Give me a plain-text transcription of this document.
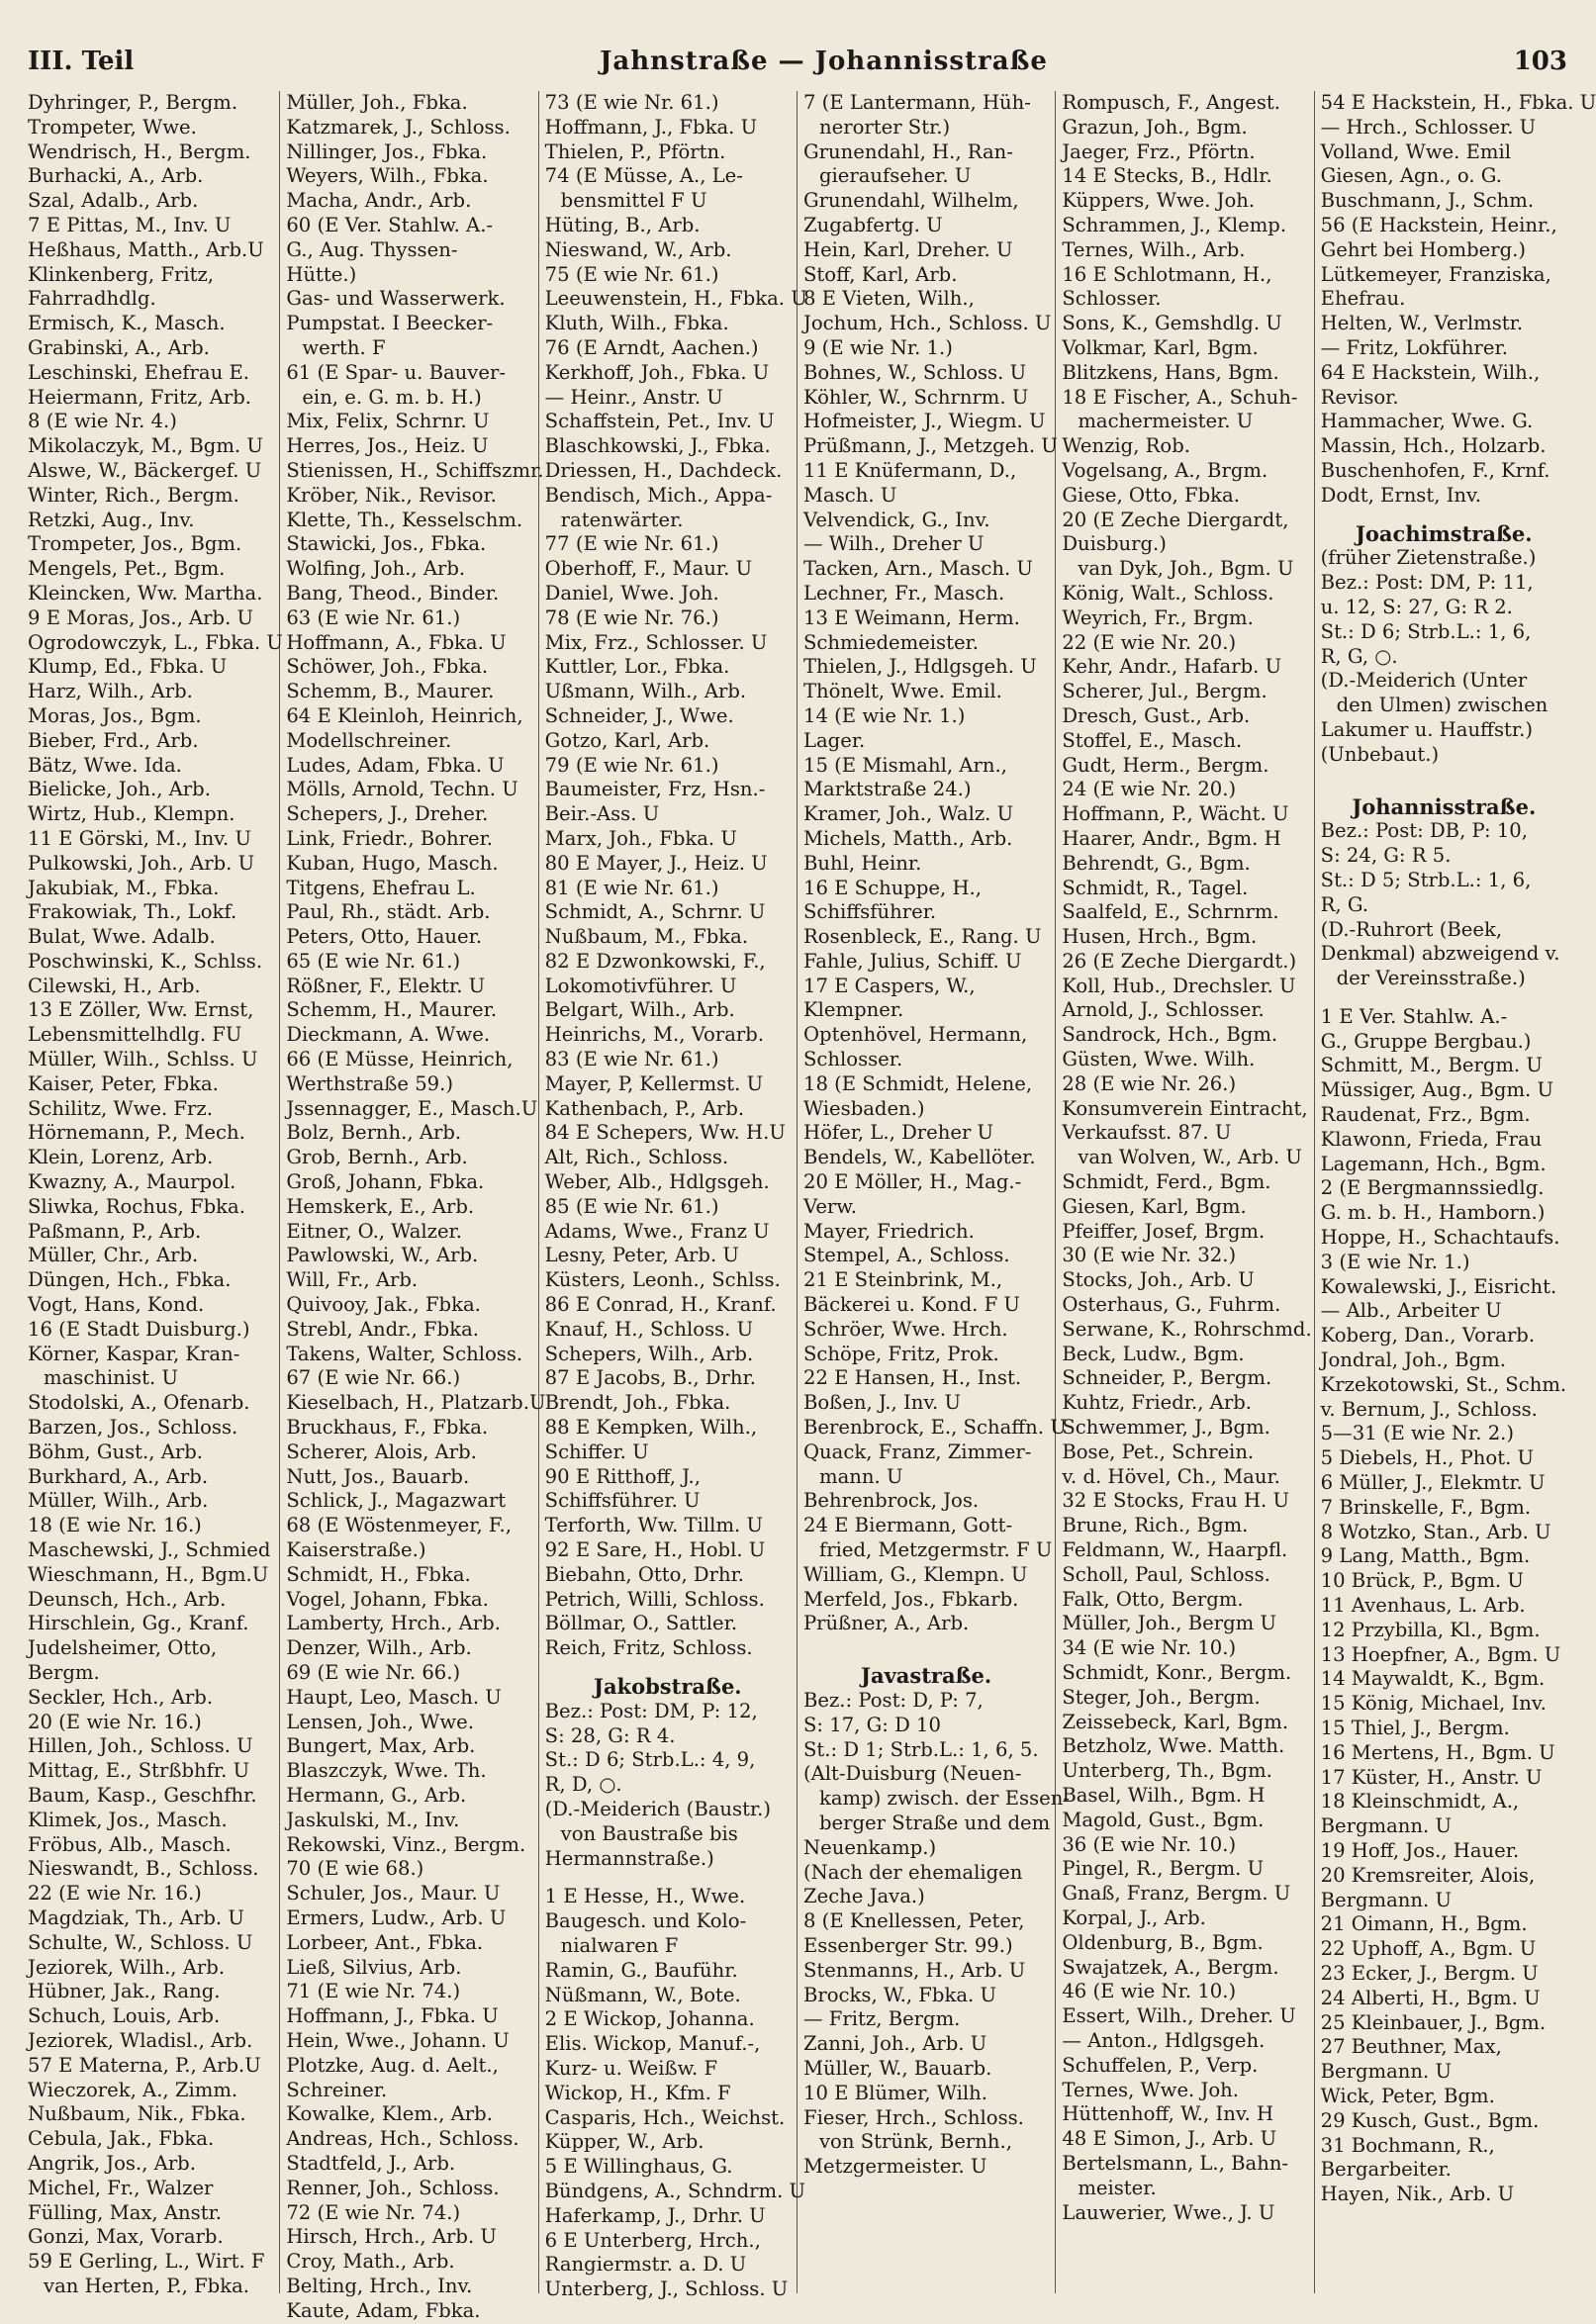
III. Teil	Jahnstraße — Johannisstraße	103
Dyhringer, P., Bergm.
Trompeter, Wwe.
Wendrisch, H., Bergm.
Burhacki, A., Arb.
Szal, Adalb., Arb.
7 E Pittas, M., Inv. U
Heßhaus, Matth., Arb.U
Klinkenberg, Fritz,
Fahrradhdlg.
Ermisch, K., Masch.
Grabinski, A., Arb.
Leschinski, Ehefrau E.
Heiermann, Fritz, Arb.
8 (E wie Nr. 4.)
Mikolaczyk, M., Bgm. U
Alswe, W., Bäckergef. U
Winter, Rich., Bergm.
Retzki, Aug., Inv.
Trompeter, Jos., Bgm.
Mengels, Pet., Bgm.
Kleincken, Ww. Martha.
9 E Moras, Jos., Arb. U
Ogrodowczyk, L., Fbka. U
Klump, Ed., Fbka. U
Harz, Wilh., Arb.
Moras, Jos., Bgm.
Bieber, Frd., Arb.
Bätz, Wwe. Ida.
Bielicke, Joh., Arb.
Wirtz, Hub., Klempn.
11 E Görski, M., Inv. U
Pulkowski, Joh., Arb. U
Jakubiak, M., Fbka.
Frakowiak, Th., Lokf.
Bulat, Wwe. Adalb.
Poschwinski, K., Schlss.
Cilewski, H., Arb.
13 E Zöller, Ww. Ernst,
Lebensmittelhdlg. FU
Müller, Wilh., Schlss. U
Kaiser, Peter, Fbka.
Schilitz, Wwe. Frz.
Hörnemann, P., Mech.
Klein, Lorenz, Arb.
Kwazny, A., Maurpol.
Sliwka, Rochus, Fbka.
Paßmann, P., Arb.
Müller, Chr., Arb.
Düngen, Hch., Fbka.
Vogt, Hans, Kond.
16 (E Stadt Duisburg.)
Körner, Kaspar, Kran-
maschinist. U
Stodolski, A., Ofenarb.
Barzen, Jos., Schloss.
Böhm, Gust., Arb.
Burkhard, A., Arb.
Müller, Wilh., Arb.
18 (E wie Nr. 16.)
Maschewski, J., Schmied
Wieschmann, H., Bgm.U
Deunsch, Hch., Arb.
Hirschlein, Gg., Kranf.
Judelsheimer, Otto,
Bergm.
Seckler, Hch., Arb.
20 (E wie Nr. 16.)
Hillen, Joh., Schloss. U
Mittag, E., Strßbhfr. U
Baum, Kasp., Geschfhr.
Klimek, Jos., Masch.
Fröbus, Alb., Masch.
Nieswandt, B., Schloss.
22 (E wie Nr. 16.)
Magdziak, Th., Arb. U
Schulte, W., Schloss. U
Jeziorek, Wilh., Arb.
Hübner, Jak., Rang.
Schuch, Louis, Arb.
Jeziorek, Wladisl., Arb.
57 E Materna, P., Arb.U
Wieczorek, A., Zimm.
Nußbaum, Nik., Fbka.
Cebula, Jak., Fbka.
Angrik, Jos., Arb.
Michel, Fr., Walzer
Fülling, Max, Anstr.
Gonzi, Max, Vorarb.
59 E Gerling, L., Wirt. F
van Herten, P., Fbka.
Müller, Joh., Fbka.
Katzmarek, J., Schloss.
Nillinger, Jos., Fbka.
Weyers, Wilh., Fbka.
Macha, Andr., Arb.
60 (E Ver. Stahlw. A.-
G., Aug. Thyssen-
Hütte.)
Gas- und Wasserwerk.
Pumpstat. I Beecker-
werth. F
61 (E Spar- u. Bauver-
ein, e. G. m. b. H.)
Mix, Felix, Schrnr. U
Herres, Jos., Heiz. U
Stienissen, H., Schiffszmr.
Kröber, Nik., Revisor.
Klette, Th., Kesselschm.
Stawicki, Jos., Fbka.
Wolfing, Joh., Arb.
Bang, Theod., Binder.
63 (E wie Nr. 61.)
Hoffmann, A., Fbka. U
Schöwer, Joh., Fbka.
Schemm, B., Maurer.
64 E Kleinloh, Heinrich,
Modellschreiner.
Ludes, Adam, Fbka. U
Mölls, Arnold, Techn. U
Schepers, J., Dreher.
Link, Friedr., Bohrer.
Kuban, Hugo, Masch.
Titgens, Ehefrau L.
Paul, Rh., städt. Arb.
Peters, Otto, Hauer.
65 (E wie Nr. 61.)
Rößner, F., Elektr. U
Schemm, H., Maurer.
Dieckmann, A. Wwe.
66 (E Müsse, Heinrich,
Werthstraße 59.)
Jssennagger, E., Masch.U
Bolz, Bernh., Arb.
Grob, Bernh., Arb.
Groß, Johann, Fbka.
Hemskerk, E., Arb.
Eitner, O., Walzer.
Pawlowski, W., Arb.
Will, Fr., Arb.
Quivooy, Jak., Fbka.
Strebl, Andr., Fbka.
Takens, Walter, Schloss.
67 (E wie Nr. 66.)
Kieselbach, H., Platzarb.U
Bruckhaus, F., Fbka.
Scherer, Alois, Arb.
Nutt, Jos., Bauarb.
Schlick, J., Magazwart
68 (E Wöstenmeyer, F.,
Kaiserstraße.)
Schmidt, H., Fbka.
Vogel, Johann, Fbka.
Lamberty, Hrch., Arb.
Denzer, Wilh., Arb.
69 (E wie Nr. 66.)
Haupt, Leo, Masch. U
Lensen, Joh., Wwe.
Bungert, Max, Arb.
Blaszczyk, Wwe. Th.
Hermann, G., Arb.
Jaskulski, M., Inv.
Rekowski, Vinz., Bergm.
70 (E wie 68.)
Schuler, Jos., Maur. U
Ermers, Ludw., Arb. U
Lorbeer, Ant., Fbka.
Ließ, Silvius, Arb.
71 (E wie Nr. 74.)
Hoffmann, J., Fbka. U
Hein, Wwe., Johann. U
Plotzke, Aug. d. Aelt.,
Schreiner.
Kowalke, Klem., Arb.
Andreas, Hch., Schloss.
Stadtfeld, J., Arb.
Renner, Joh., Schloss.
72 (E wie Nr. 74.)
Hirsch, Hrch., Arb. U
Croy, Math., Arb.
Belting, Hrch., Inv.
Kaute, Adam, Fbka.
73 (E wie Nr. 61.)
Hoffmann, J., Fbka. U
Thielen, P., Pförtn.
74 (E Müsse, A., Le-
bensmittel F U
Hüting, B., Arb.
Nieswand, W., Arb.
75 (E wie Nr. 61.)
Leeuwenstein, H., Fbka. U
Kluth, Wilh., Fbka.
76 (E Arndt, Aachen.)
Kerkhoff, Joh., Fbka. U
— Heinr., Anstr. U
Schaffstein, Pet., Inv. U
Blaschkowski, J., Fbka.
Driessen, H., Dachdeck.
Bendisch, Mich., Appa-
ratenwärter.
77 (E wie Nr. 61.)
Oberhoff, F., Maur. U
Daniel, Wwe. Joh.
78 (E wie Nr. 76.)
Mix, Frz., Schlosser. U
Kuttler, Lor., Fbka.
Ußmann, Wilh., Arb.
Schneider, J., Wwe.
Gotzo, Karl, Arb.
79 (E wie Nr. 61.)
Baumeister, Frz, Hsn.-
Beir.-Ass. U
Marx, Joh., Fbka. U
80 E Mayer, J., Heiz. U
81 (E wie Nr. 61.)
Schmidt, A., Schrnr. U
Nußbaum, M., Fbka.
82 E Dzwonkowski, F.,
Lokomotivführer. U
Belgart, Wilh., Arb.
Heinrichs, M., Vorarb.
83 (E wie Nr. 61.)
Mayer, P, Kellermst. U
Kathenbach, P., Arb.
84 E Schepers, Ww. H.U
Alt, Rich., Schloss.
Weber, Alb., Hdlgsgeh.
85 (E wie Nr. 61.)
Adams, Wwe., Franz U
Lesny, Peter, Arb. U
Küsters, Leonh., Schlss.
86 E Conrad, H., Kranf.
Knauf, H., Schloss. U
Schepers, Wilh., Arb.
87 E Jacobs, B., Drhr.
Brendt, Joh., Fbka.
88 E Kempken, Wilh.,
Schiffer. U
90 E Ritthoff, J.,
Schiffsführer. U
Terforth, Ww. Tillm. U
92 E Sare, H., Hobl. U
Biebahn, Otto, Drhr.
Petrich, Willi, Schloss.
Böllmar, O., Sattler.
Reich, Fritz, Schloss.
Jakobstraße.
Bez.: Post: DM, P: 12,
S: 28, G: R 4.
St.: D 6; Strb.L.: 4, 9,
R, D, ○.
(D.-Meiderich (Baustr.)
von Baustraße bis
Hermannstraße.)
1 E Hesse, H., Wwe.
Baugesch. und Kolo-
nialwaren F
Ramin, G., Bauführ.
Nüßmann, W., Bote.
2 E Wickop, Johanna.
Elis. Wickop, Manuf.-,
Kurz- u. Weißw. F
Wickop, H., Kfm. F
Casparis, Hch., Weichst.
Küpper, W., Arb.
5 E Willinghaus, G.
Bündgens, A., Schndrm. U
Haferkamp, J., Drhr. U
6 E Unterberg, Hrch.,
Rangiermstr. a. D. U
Unterberg, J., Schloss. U
7 (E Lantermann, Hüh-
nerorter Str.)
Grunendahl, H., Ran-
gieraufseher. U
Grunendahl, Wilhelm,
Zugabfertg. U
Hein, Karl, Dreher. U
Stoff, Karl, Arb.
8 E Vieten, Wilh.,
Jochum, Hch., Schloss. U
9 (E wie Nr. 1.)
Bohnes, W., Schloss. U
Köhler, W., Schrnrm. U
Hofmeister, J., Wiegm. U
Prüßmann, J., Metzgeh. U
11 E Knüfermann, D.,
Masch. U
Velvendick, G., Inv.
— Wilh., Dreher U
Tacken, Arn., Masch. U
Lechner, Fr., Masch.
13 E Weimann, Herm.
Schmiedemeister.
Thielen, J., Hdlgsgeh. U
Thönelt, Wwe. Emil.
14 (E wie Nr. 1.)
Lager.
15 (E Mismahl, Arn.,
Marktstraße 24.)
Kramer, Joh., Walz. U
Michels, Matth., Arb.
Buhl, Heinr.
16 E Schuppe, H.,
Schiffsführer.
Rosenbleck, E., Rang. U
Fahle, Julius, Schiff. U
17 E Caspers, W.,
Klempner.
Optenhövel, Hermann,
Schlosser.
18 (E Schmidt, Helene,
Wiesbaden.)
Höfer, L., Dreher U
Bendels, W., Kabellöter.
20 E Möller, H., Mag.-
Verw.
Mayer, Friedrich.
Stempel, A., Schloss.
21 E Steinbrink, M.,
Bäckerei u. Kond. F U
Schröer, Wwe. Hrch.
Schöpe, Fritz, Prok.
22 E Hansen, H., Inst.
Boßen, J., Inv. U
Berenbrock, E., Schaffn. U
Quack, Franz, Zimmer-
mann. U
Behrenbrock, Jos.
24 E Biermann, Gott-
fried, Metzgermstr. F U
William, G., Klempn. U
Merfeld, Jos., Fbkarb.
Prüßner, A., Arb.
Javastraße.
Bez.: Post: D, P: 7,
S: 17, G: D 10
St.: D 1; Strb.L.: 1, 6, 5.
(Alt-Duisburg (Neuen-
kamp) zwisch. der Essen-
berger Straße und dem
Neuenkamp.)
(Nach der ehemaligen
Zeche Java.)
8 (E Knellessen, Peter,
Essenberger Str. 99.)
Stenmanns, H., Arb. U
Brocks, W., Fbka. U
— Fritz, Bergm.
Zanni, Joh., Arb. U
Müller, W., Bauarb.
10 E Blümer, Wilh.
Fieser, Hrch., Schloss.
von Strünk, Bernh.,
Metzgermeister. U
Rompusch, F., Angest.
Grazun, Joh., Bgm.
Jaeger, Frz., Pförtn.
14 E Stecks, B., Hdlr.
Küppers, Wwe. Joh.
Schrammen, J., Klemp.
Ternes, Wilh., Arb.
16 E Schlotmann, H.,
Schlosser.
Sons, K., Gemshdlg. U
Volkmar, Karl, Bgm.
Blitzkens, Hans, Bgm.
18 E Fischer, A., Schuh-
machermeister. U
Wenzig, Rob.
Vogelsang, A., Brgm.
Giese, Otto, Fbka.
20 (E Zeche Diergardt,
Duisburg.)
van Dyk, Joh., Bgm. U
König, Walt., Schloss.
Weyrich, Fr., Brgm.
22 (E wie Nr. 20.)
Kehr, Andr., Hafarb. U
Scherer, Jul., Bergm.
Dresch, Gust., Arb.
Stoffel, E., Masch.
Gudt, Herm., Bergm.
24 (E wie Nr. 20.)
Hoffmann, P., Wächt. U
Haarer, Andr., Bgm. H
Behrendt, G., Bgm.
Schmidt, R., Tagel.
Saalfeld, E., Schrnrm.
Husen, Hrch., Bgm.
26 (E Zeche Diergardt.)
Koll, Hub., Drechsler. U
Arnold, J., Schlosser.
Sandrock, Hch., Bgm.
Güsten, Wwe. Wilh.
28 (E wie Nr. 26.)
Konsumverein Eintracht,
Verkaufsst. 87. U
van Wolven, W., Arb. U
Schmidt, Ferd., Bgm.
Giesen, Karl, Bgm.
Pfeiffer, Josef, Brgm.
30 (E wie Nr. 32.)
Stocks, Joh., Arb. U
Osterhaus, G., Fuhrm.
Serwane, K., Rohrschmd.
Beck, Ludw., Bgm.
Schneider, P., Bergm.
Kuhtz, Friedr., Arb.
Schwemmer, J., Bgm.
Bose, Pet., Schrein.
v. d. Hövel, Ch., Maur.
32 E Stocks, Frau H. U
Brune, Rich., Bgm.
Feldmann, W., Haarpfl.
Scholl, Paul, Schloss.
Falk, Otto, Bergm.
Müller, Joh., Bergm U
34 (E wie Nr. 10.)
Schmidt, Konr., Bergm.
Steger, Joh., Bergm.
Zeissebeck, Karl, Bgm.
Betzholz, Wwe. Matth.
Unterberg, Th., Bgm.
Basel, Wilh., Bgm. H
Magold, Gust., Bgm.
36 (E wie Nr. 10.)
Pingel, R., Bergm. U
Gnaß, Franz, Bergm. U
Korpal, J., Arb.
Oldenburg, B., Bgm.
Swajatzek, A., Bergm.
46 (E wie Nr. 10.)
Essert, Wilh., Dreher. U
— Anton., Hdlgsgeh.
Schuffelen, P., Verp.
Ternes, Wwe. Joh.
Hüttenhoff, W., Inv. H
48 E Simon, J., Arb. U
Bertelsmann, L., Bahn-
meister.
Lauwerier, Wwe., J. U
54 E Hackstein, H., Fbka. U
— Hrch., Schlosser. U
Volland, Wwe. Emil
Giesen, Agn., o. G.
Buschmann, J., Schm.
56 (E Hackstein, Heinr.,
Gehrt bei Homberg.)
Lütkemeyer, Franziska,
Ehefrau.
Helten, W., Verlmstr.
— Fritz, Lokführer.
64 E Hackstein, Wilh.,
Revisor.
Hammacher, Wwe. G.
Massin, Hch., Holzarb.
Buschenhofen, F., Krnf.
Dodt, Ernst, Inv.
Joachimstraße.
(früher Zietenstraße.)
Bez.: Post: DM, P: 11,
u. 12, S: 27, G: R 2.
St.: D 6; Strb.L.: 1, 6,
R, G, ○.
(D.-Meiderich (Unter
den Ulmen) zwischen
Lakumer u. Hauffstr.)
(Unbebaut.)
Johannisstraße.
Bez.: Post: DB, P: 10,
S: 24, G: R 5.
St.: D 5; Strb.L.: 1, 6,
R, G.
(D.-Ruhrort (Beek,
Denkmal) abzweigend v.
der Vereinsstraße.)
1 E Ver. Stahlw. A.-
G., Gruppe Bergbau.)
Schmitt, M., Bergm. U
Müssiger, Aug., Bgm. U
Raudenat, Frz., Bgm.
Klawonn, Frieda, Frau
Lagemann, Hch., Bgm.
2 (E Bergmannssiedlg.
G. m. b. H., Hamborn.)
Hoppe, H., Schachtaufs.
3 (E wie Nr. 1.)
Kowalewski, J., Eisricht.
— Alb., Arbeiter U
Koberg, Dan., Vorarb.
Jondral, Joh., Bgm.
Krzekotowski, St., Schm.
v. Bernum, J., Schloss.
5—31 (E wie Nr. 2.)
5 Diebels, H., Phot. U
6 Müller, J., Elekmtr. U
7 Brinskelle, F., Bgm.
8 Wotzko, Stan., Arb. U
9 Lang, Matth., Bgm.
10 Brück, P., Bgm. U
11 Avenhaus, L. Arb.
12 Przybilla, Kl., Bgm.
13 Hoepfner, A., Bgm. U
14 Maywaldt, K., Bgm.
15 König, Michael, Inv.
15 Thiel, J., Bergm.
16 Mertens, H., Bgm. U
17 Küster, H., Anstr. U
18 Kleinschmidt, A.,
Bergmann. U
19 Hoff, Jos., Hauer.
20 Kremsreiter, Alois,
Bergmann. U
21 Oimann, H., Bgm.
22 Uphoff, A., Bgm. U
23 Ecker, J., Bergm. U
24 Alberti, H., Bgm. U
25 Kleinbauer, J., Bgm.
27 Beuthner, Max,
Bergmann. U
Wick, Peter, Bgm.
29 Kusch, Gust., Bgm.
31 Bochmann, R.,
Bergarbeiter.
Hayen, Nik., Arb. U
